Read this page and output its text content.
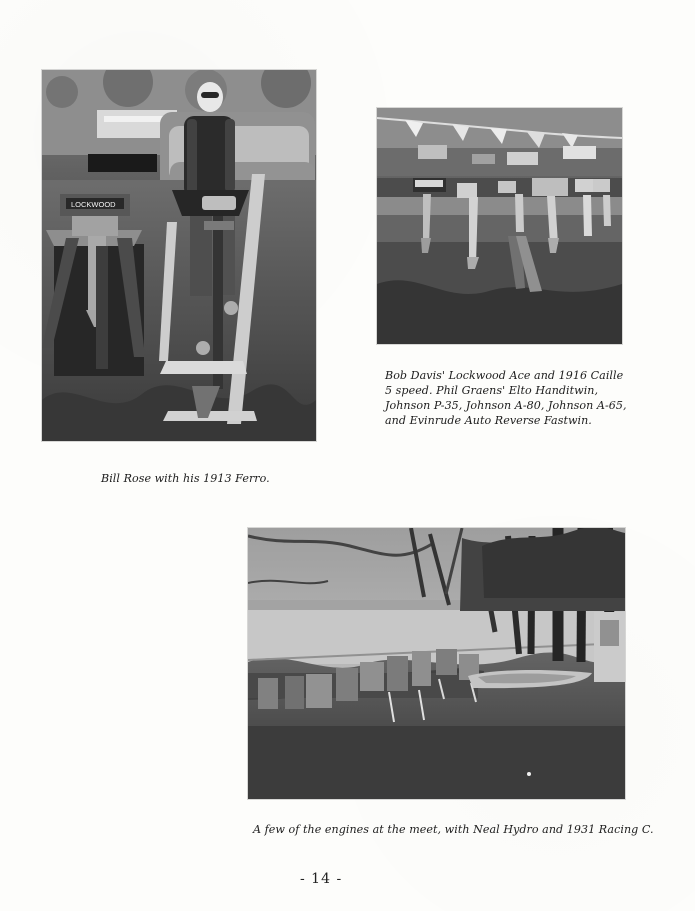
Bill Rose with his 1913 Ferro.
Bob Davis' Lockwood Ace and 1916 Caille
5 speed. Phil Graens' Elto Handitwin,
Johnson P-35, Johnson A-80, Johnson A-65,
and Evinrude Auto Reverse Fastwin.
A few of the engines at the meet, with Neal Hydro and 1931 Racing C.
- 14 -
